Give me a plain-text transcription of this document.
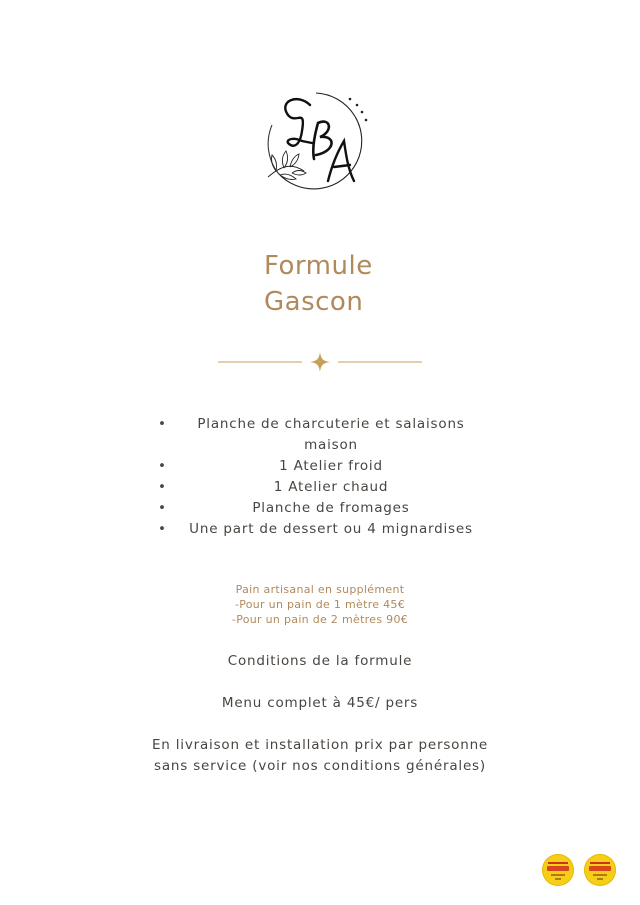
LBA
Formule
Gascon
• Planche de charcuterie et salaisons
maison
•	1 Atelier froid
•	1 Atelier chaud
•	Planche de fromages
• Une part de dessert ou 4 mignardises
Pain artisanal en supplément
-Pour un pain de 1 mètre 45€
-Pour un pain de 2 mètres 90€
Conditions de la formule
Menu complet à 45€/ pers
En livraison et installation prix par personne
sans service (voir nos conditions générales)
